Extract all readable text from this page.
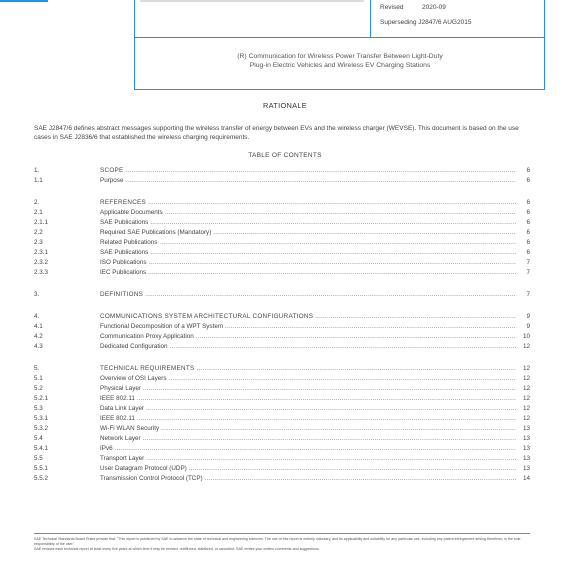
Revised	2020-09
Superseding J2847/6 AUG2015
(R) Communication for Wireless Power Transfer Between Light-Duty
Plug-in Electric Vehicles and Wireless EV Charging Stations
RATIONALE
SAE J2847/6 defines abstract messages supporting the wireless transfer of energy between EVs and the wireless charger (WEVSE). This document is based on the use cases in SAE J2836/6 that established the wireless charging requirements.
TABLE OF CONTENTS
1.	SCOPE .....	6
1.1	Purpose .....	6
2.	REFERENCES .....	6
2.1	Applicable Documents .....	6
2.1.1	SAE Publications .....	6
2.2	Required SAE Publications (Mandatory) .....	6
2.3	Related Publications .....	6
2.3.1	SAE Publications .....	6
2.3.2	ISO Publications .....	7
2.3.3	IEC Publications .....	7
3.	DEFINITIONS .....	7
4.	COMMUNICATIONS SYSTEM ARCHITECTURAL CONFIGURATIONS .....	9
4.1	Functional Decomposition of a WPT System .....	9
4.2	Communication Proxy Application .....	10
4.3	Dedicated Configuration .....	12
5.	TECHNICAL REQUIREMENTS .....	12
5.1	Overview of OSI Layers .....	12
5.2	Physical Layer .....	12
5.2.1	IEEE 802.11 .....	12
5.3	Data Link Layer .....	12
5.3.1	IEEE 802.11 .....	12
5.3.2	Wi-Fi WLAN Security .....	13
5.4	Network Layer .....	13
5.4.1	IPv6 .....	13
5.5	Transport Layer .....	13
5.5.1	User Datagram Protocol (UDP) .....	13
5.5.2	Transmission Control Protocol (TCP) .....	14
SAE Technical Standards Board Rules provide that: "This report is published by SAE to advance the state of technical and engineering sciences. The use of this report is entirely voluntary, and its applicability and suitability for any particular use, including any patent infringement arising therefrom, is the sole responsibility of the user."
SAE reviews each technical report at least every five years at which time it may be revised, reaffirmed, stabilized, or cancelled. SAE invites your written comments and suggestions.
